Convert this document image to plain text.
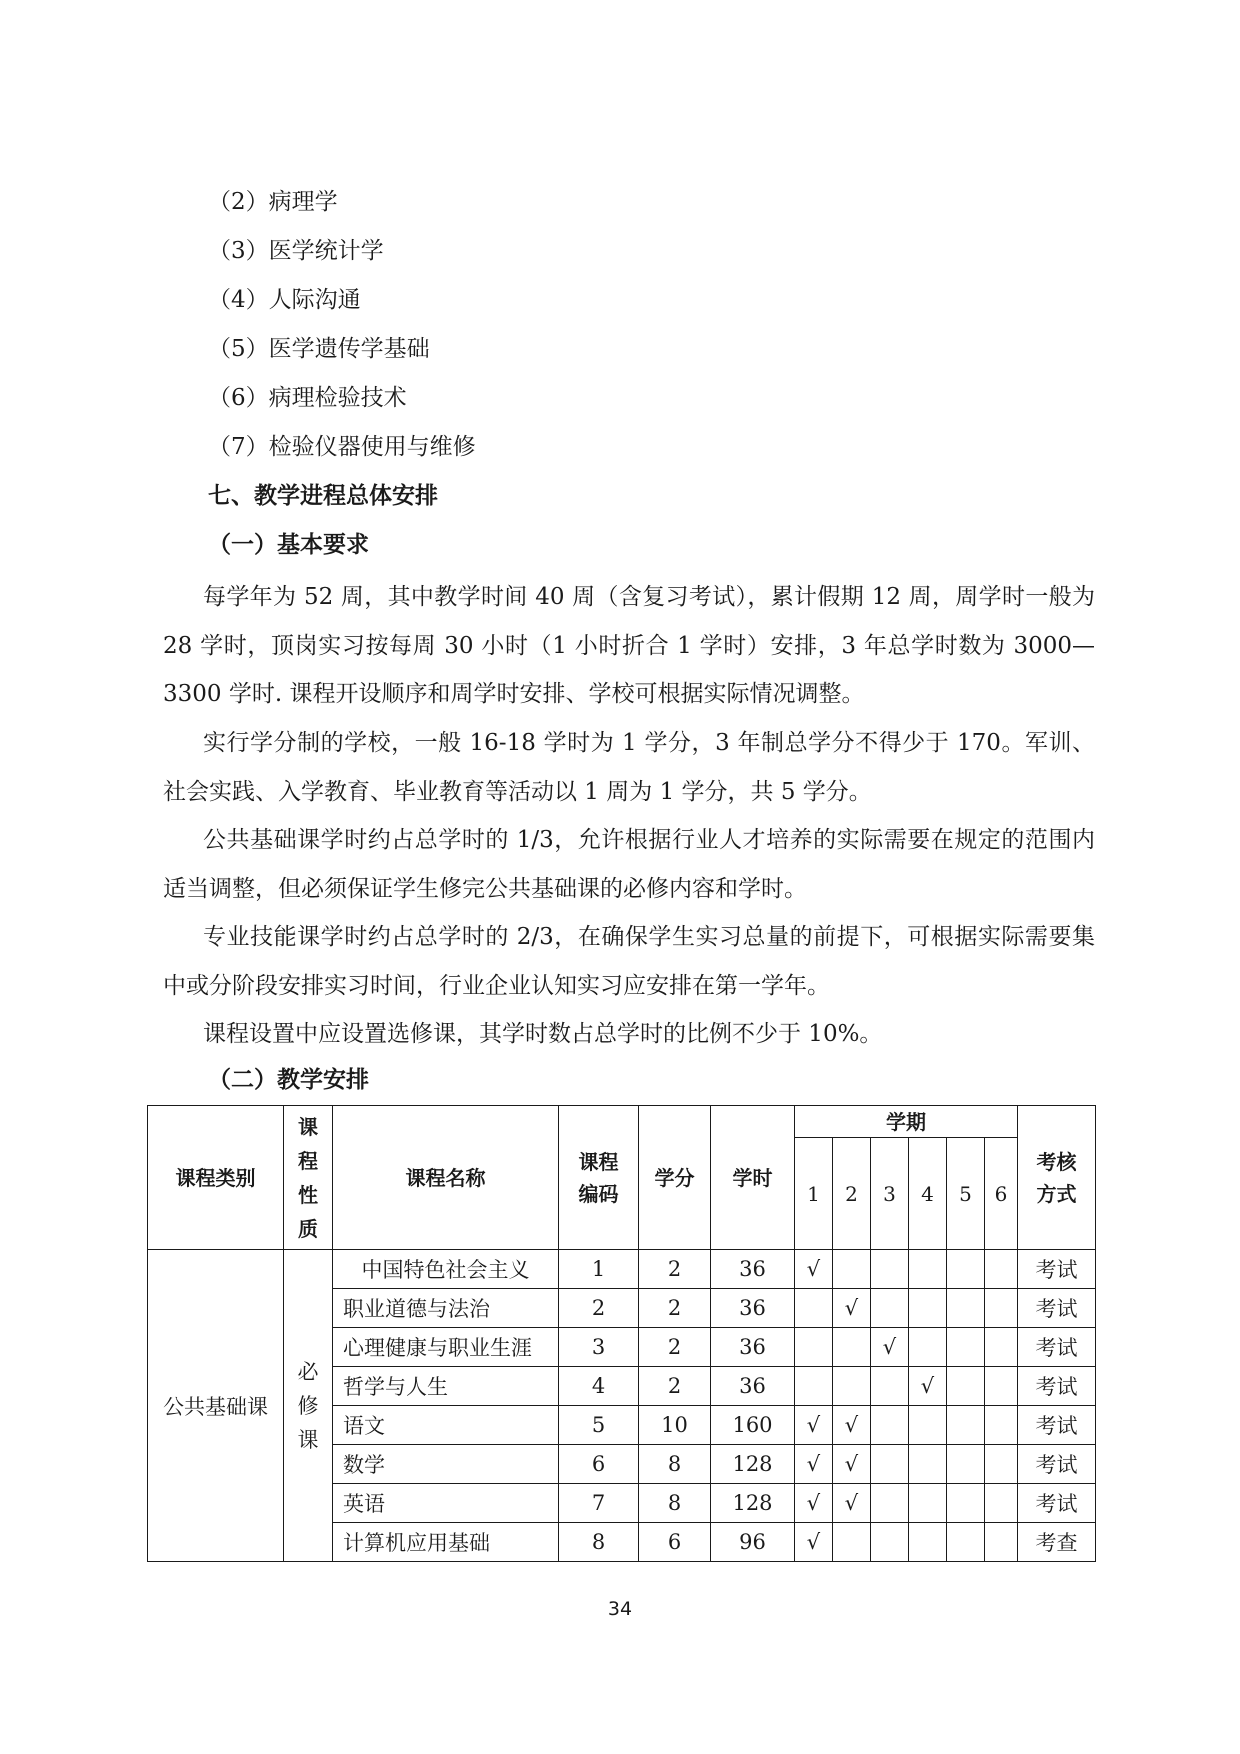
（2）病理学
（3）医学统计学
（4）人际沟通
（5）医学遗传学基础
（6）病理检验技术
（7）检验仪器使用与维修
七、教学进程总体安排
（一）基本要求
每学年为 52 周，其中教学时间 40 周（含复习考试），累计假期 12 周，周学时一般为 28 学时，顶岗实习按每周 30 小时（1 小时折合 1 学时）安排，3 年总学时数为 3000—3300 学时. 课程开设顺序和周学时安排、学校可根据实际情况调整。
实行学分制的学校，一般 16-18 学时为 1 学分，3 年制总学分不得少于 170。军训、社会实践、入学教育、毕业教育等活动以 1 周为 1 学分，共 5 学分。
公共基础课学时约占总学时的 1/3，允许根据行业人才培养的实际需要在规定的范围内适当调整，但必须保证学生修完公共基础课的必修内容和学时。
专业技能课学时约占总学时的 2/3，在确保学生实习总量的前提下，可根据实际需要集中或分阶段安排实习时间，行业企业认知实习应安排在第一学年。
课程设置中应设置选修课，其学时数占总学时的比例不少于 10%。
（二）教学安排
课程类别	课程性质	课程名称	课程编码	学分	学时	学期						考核方式
						1	2	3	4	5	6	
公共基础课	必修课	中国特色社会主义	1	2	36	√						考试
		职业道德与法治	2	2	36		√					考试
		心理健康与职业生涯	3	2	36			√				考试
		哲学与人生	4	2	36				√			考试
		语文	5	10	160	√	√					考试
		数学	6	8	128	√	√					考试
		英语	7	8	128	√	√					考试
		计算机应用基础	8	6	96	√						考查
34
